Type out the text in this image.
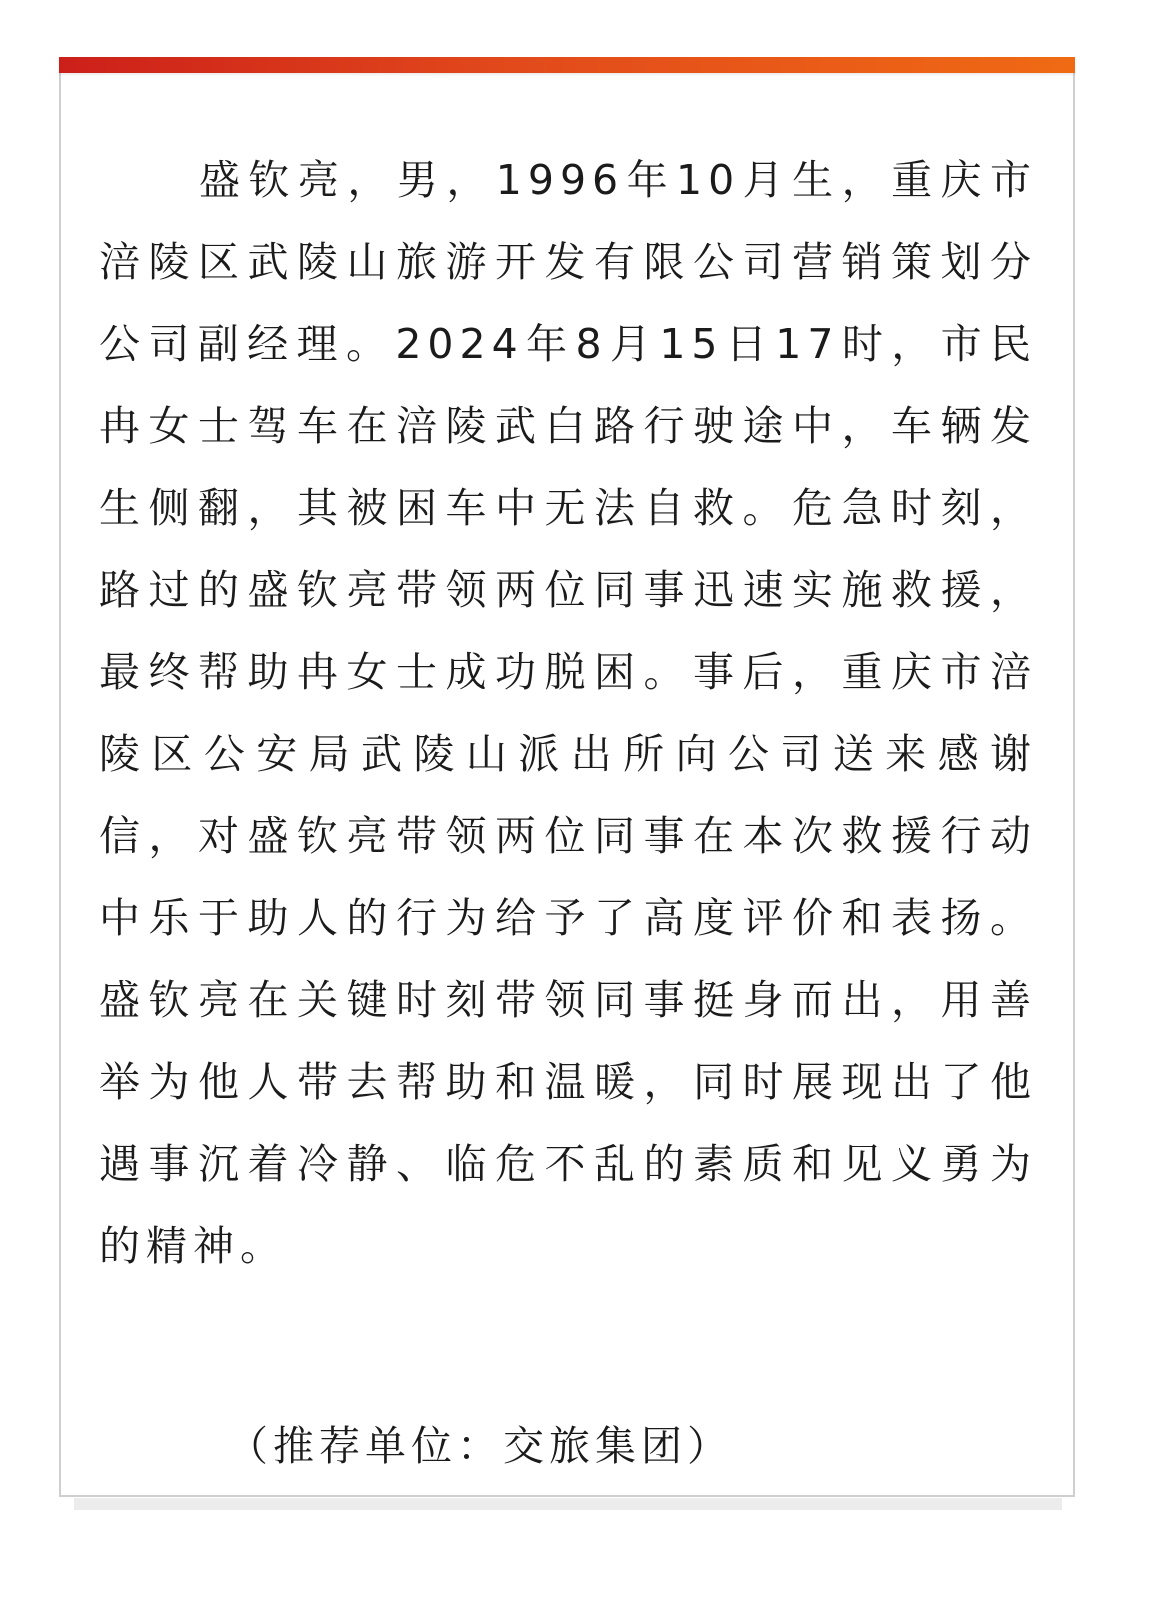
盛钦亮，男，1996年10月生，重庆市涪陵区武陵山旅游开发有限公司营销策划分公司副经理。2024年8月15日17时，市民冉女士驾车在涪陵武白路行驶途中，车辆发生侧翻，其被困车中无法自救。危急时刻，路过的盛钦亮带领两位同事迅速实施救援，最终帮助冉女士成功脱困。事后，重庆市涪陵区公安局武陵山派出所向公司送来感谢信，对盛钦亮带领两位同事在本次救援行动中乐于助人的行为给予了高度评价和表扬。盛钦亮在关键时刻带领同事挺身而出，用善举为他人带去帮助和温暖，同时展现出了他遇事沉着冷静、临危不乱的素质和见义勇为的精神。

（推荐单位：交旅集团）
